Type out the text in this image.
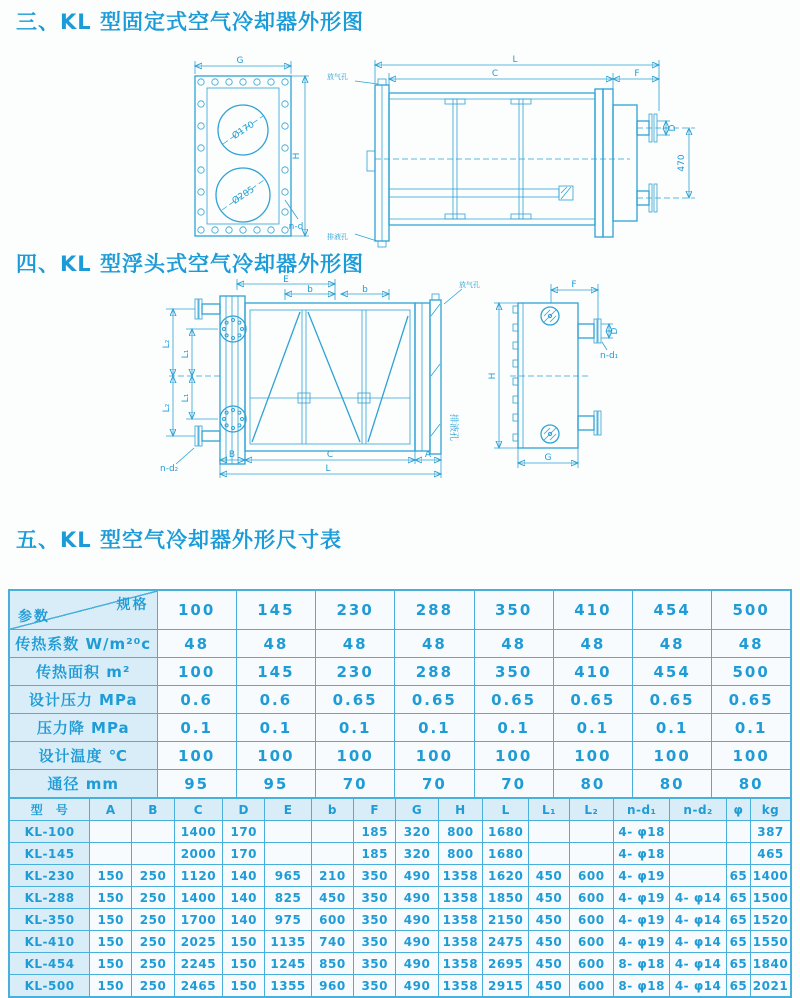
三、KL 型固定式空气冷却器外形图
G
Ø170
Ø205
H
n-d
L
C	F
放气孔
排液孔
D
470
四、KL 型浮头式空气冷却器外形图
E
b	b	放气孔
L₁
L₁
L₂
L₂
排液孔
B	C	A
L
n-d₂
F
D
n-d₁
H
G
五、KL 型空气冷却器外形尺寸表
规格
参数	100	145	230	288	350	410	454	500
传热系数 W/m²⁰c	48	48	48	48	48	48	48	48
传热面积 m²	100	145	230	288	350	410	454	500
设计压力 MPa	0.6	0.6	0.65	0.65	0.65	0.65	0.65	0.65
压力降 MPa	0.1	0.1	0.1	0.1	0.1	0.1	0.1	0.1
设计温度 ℃	100	100	100	100	100	100	100	100
通径 mm	95	95	70	70	70	80	80	80
型　号	A	B	C	D	E	b	F	G	H	L	L₁	L₂	n-d₁	n-d₂	φ	kg
KL-100			1400	170			185	320	800	1680			4- φ18			387
KL-145			2000	170			185	320	800	1680			4- φ18			465
KL-230	150	250	1120	140	965	210	350	490	1358	1620	450	600	4- φ19		65	1400
KL-288	150	250	1400	140	825	450	350	490	1358	1850	450	600	4- φ19	4- φ14	65	1500
KL-350	150	250	1700	140	975	600	350	490	1358	2150	450	600	4- φ19	4- φ14	65	1520
KL-410	150	250	2025	150	1135	740	350	490	1358	2475	450	600	4- φ19	4- φ14	65	1550
KL-454	150	250	2245	150	1245	850	350	490	1358	2695	450	600	8- φ18	4- φ14	65	1840
KL-500	150	250	2465	150	1355	960	350	490	1358	2915	450	600	8- φ18	4- φ14	65	2021
